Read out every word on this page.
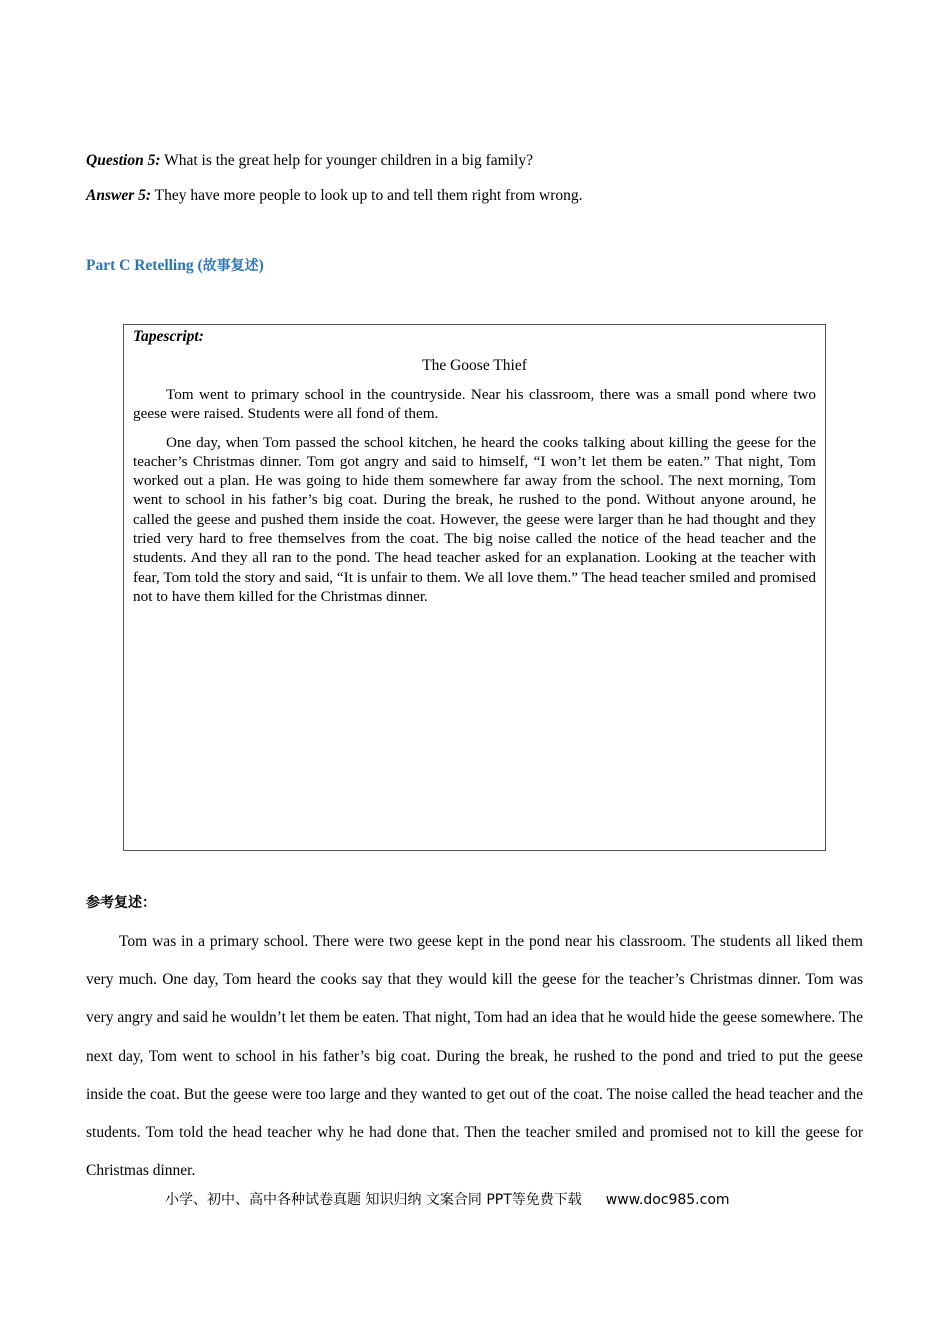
Question 5: What is the great help for younger children in a big family?
Answer 5: They have more people to look up to and tell them right from wrong.
Part C Retelling (故事复述)
Tapescript:
The Goose Thief

Tom went to primary school in the countryside. Near his classroom, there was a small pond where two geese were raised. Students were all fond of them.

One day, when Tom passed the school kitchen, he heard the cooks talking about killing the geese for the teacher’s Christmas dinner. Tom got angry and said to himself, “I won’t let them be eaten.” That night, Tom worked out a plan. He was going to hide them somewhere far away from the school. The next morning, Tom went to school in his father’s big coat. During the break, he rushed to the pond. Without anyone around, he called the geese and pushed them inside the coat. However, the geese were larger than he had thought and they tried very hard to free themselves from the coat. The big noise called the notice of the head teacher and the students. And they all ran to the pond. The head teacher asked for an explanation. Looking at the teacher with fear, Tom told the story and said, “It is unfair to them. We all love them.” The head teacher smiled and promised not to have them killed for the Christmas dinner.

参考复述：

Tom was in a primary school. There were two geese kept in the pond near his classroom. The students all liked them very much. One day, Tom heard the cooks say that they would kill the geese for the teacher’s Christmas dinner. Tom was very angry and said he wouldn’t let them be eaten. That night, Tom had an idea that he would hide the geese somewhere. The next day, Tom went to school in his father’s big coat. During the break, he rushed to the pond and tried to put the geese inside the coat. But the geese were too large and they wanted to get out of the coat. The noise called the head teacher and the students. Tom told the head teacher why he had done that. Then the teacher smiled and promised not to kill the geese for Christmas dinner.

小学、初中、高中各种试卷真题 知识归纳 文案合同 PPT等免费下载 www.doc985.com
